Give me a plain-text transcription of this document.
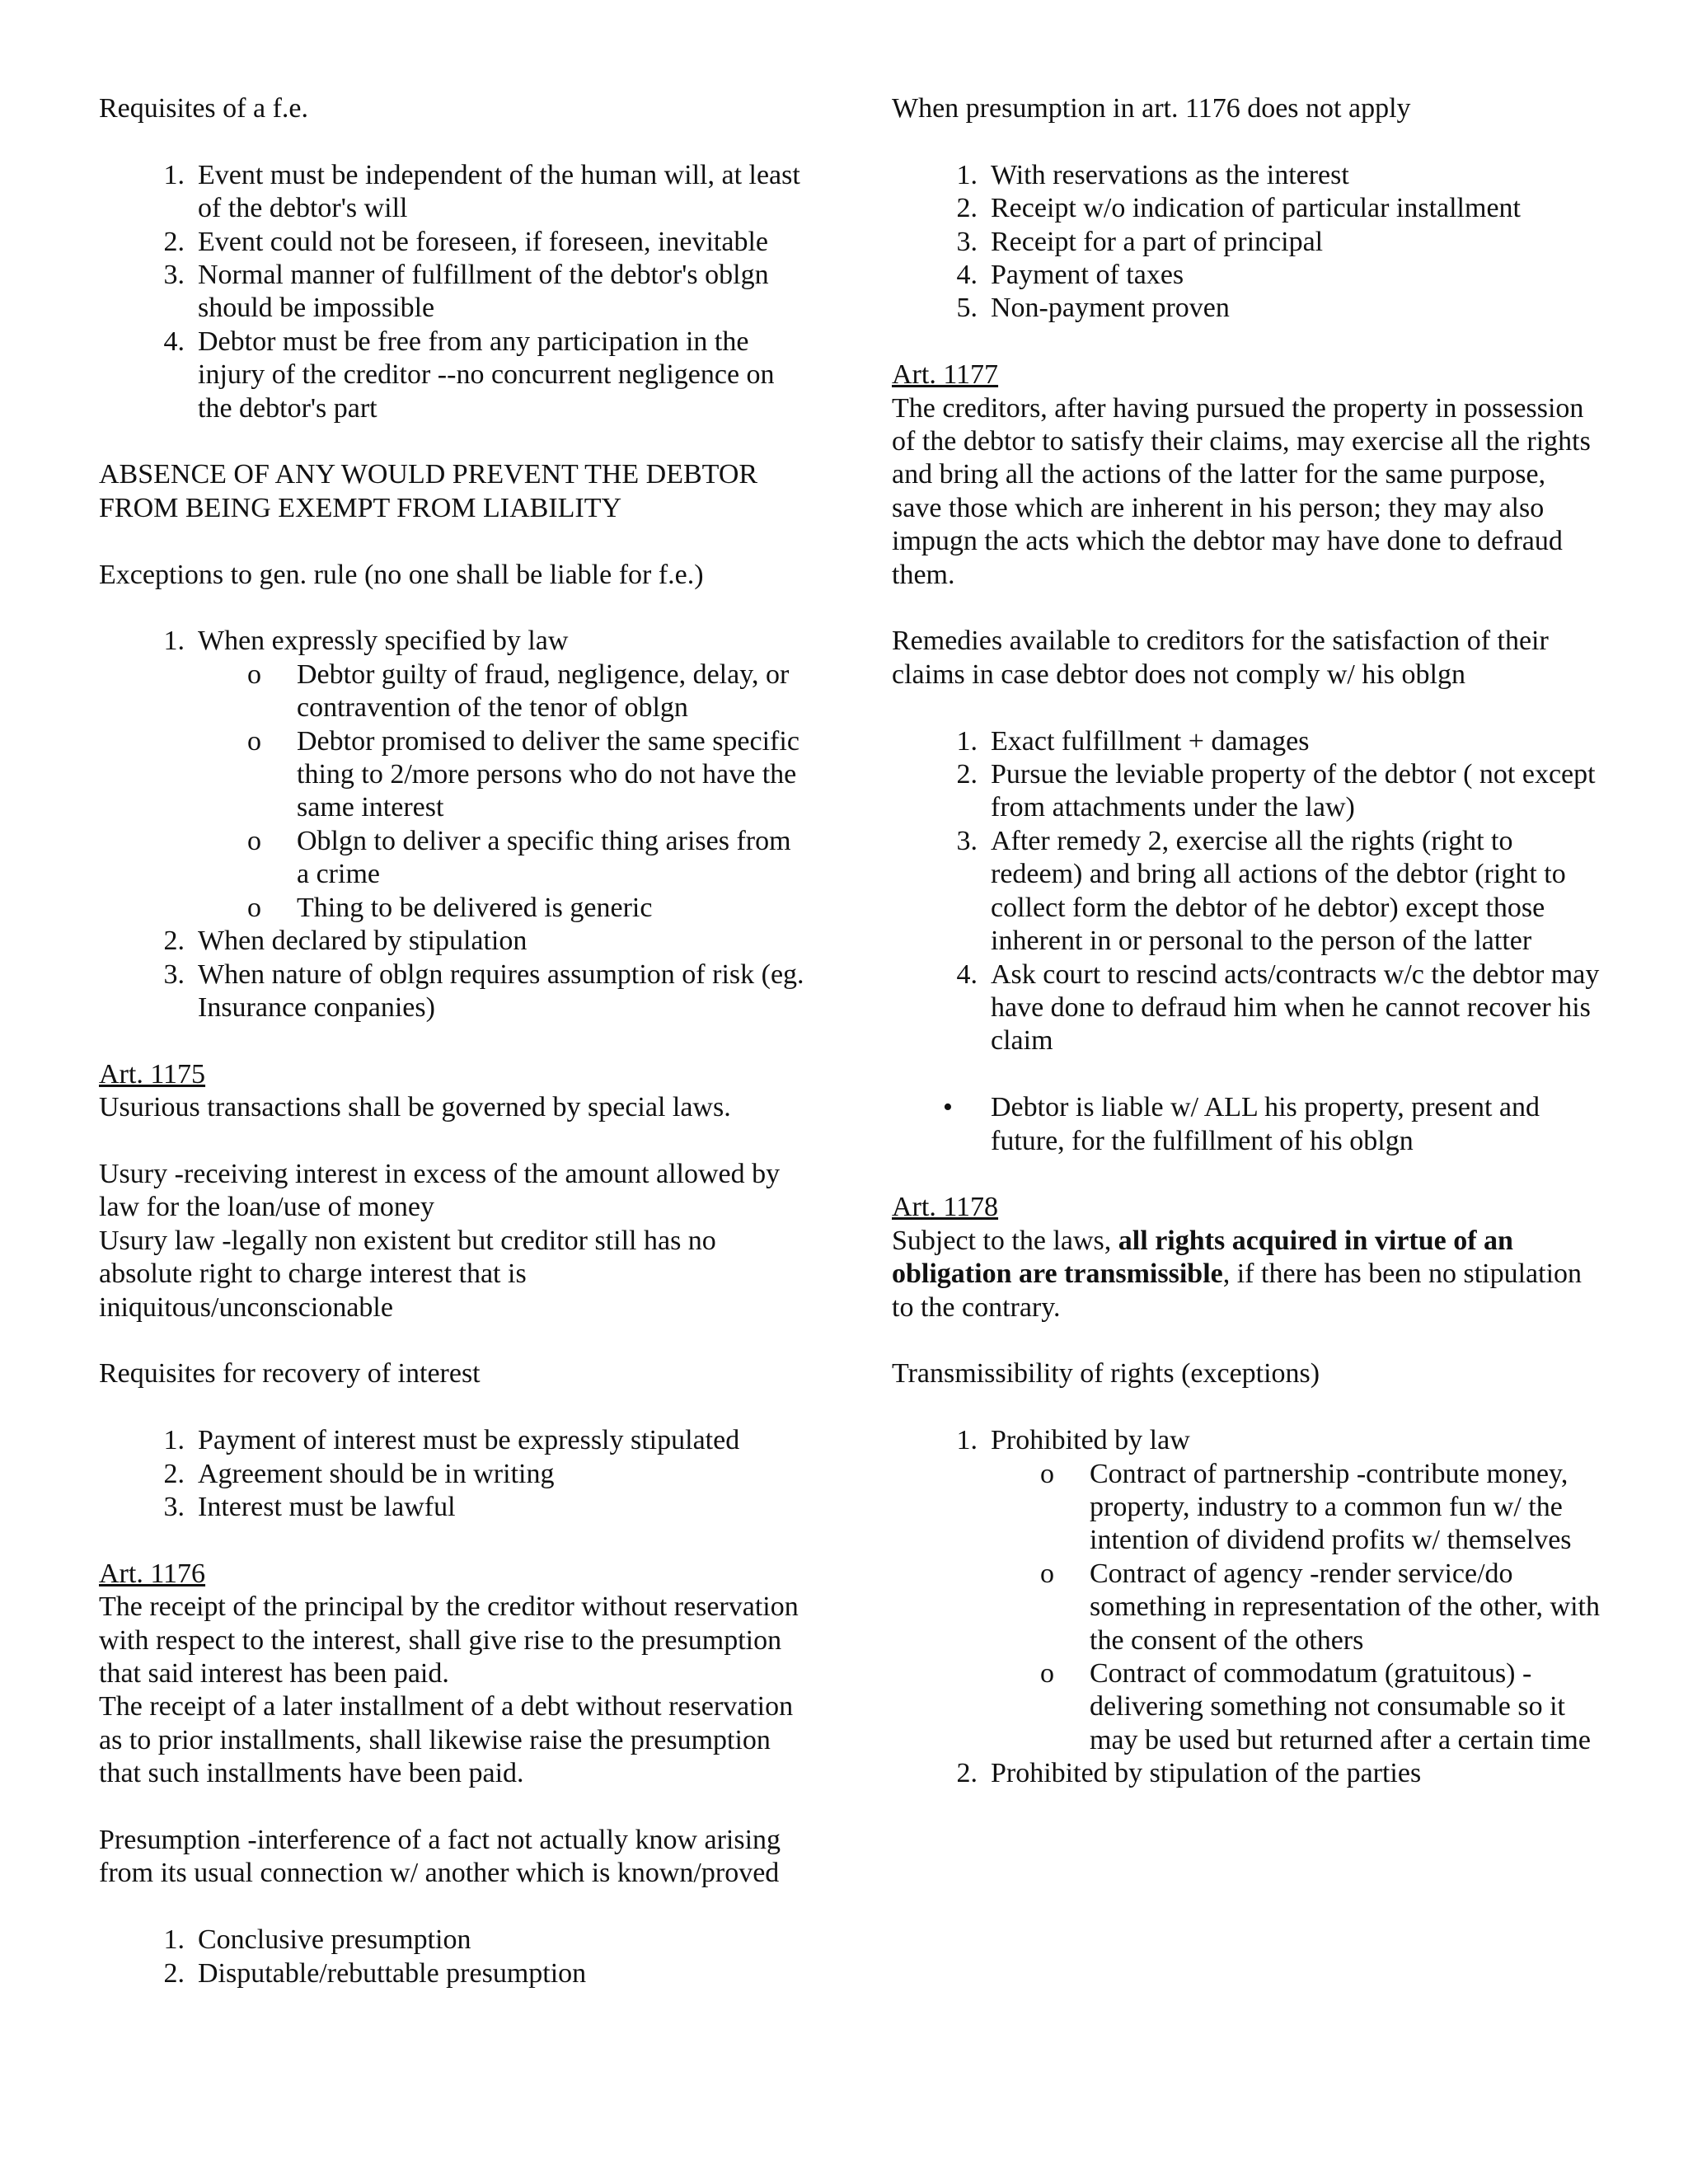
Requisites of a f.e.

1. Event must be independent of the human will, at least of the debtor's will
2. Event could not be foreseen, if foreseen, inevitable
3. Normal manner of fulfillment of the debtor's oblgn should be impossible
4. Debtor must be free from any participation in the injury of the creditor --no concurrent negligence on the debtor's part

ABSENCE OF ANY WOULD PREVENT THE DEBTOR

FROM BEING EXEMPT FROM LIABILITY

Exceptions to gen. rule (no one shall be liable for f.e.)

1. When expressly specified by law
o Debtor guilty of fraud, negligence, delay, or contravention of the tenor of oblgn
o Debtor promised to deliver the same specific thing to 2/more persons who do not have the same interest
o Oblgn to deliver a specific thing arises from a crime
o Thing to be delivered is generic
2. When declared by stipulation
3. When nature of oblgn requires assumption of risk (eg. Insurance conpanies)

Art. 1175

Usurious transactions shall be governed by special laws.

Usury -receiving interest in excess of the amount allowed by law for the loan/use of money

Usury law -legally non existent but creditor still has no absolute right to charge interest that is iniquitous/unconscionable

Requisites for recovery of interest

1. Payment of interest must be expressly stipulated
2. Agreement should be in writing
3. Interest must be lawful

Art. 1176

The receipt of the principal by the creditor without reservation with respect to the interest, shall give rise to the presumption that said interest has been paid.

The receipt of a later installment of a debt without reservation as to prior installments, shall likewise raise the presumption that such installments have been paid.

Presumption -interference of a fact not actually know arising from its usual connection w/ another which is known/proved

1. Conclusive presumption
2. Disputable/rebuttable presumption

When presumption in art. 1176 does not apply

1. With reservations as the interest
2. Receipt w/o indication of particular installment
3. Receipt for a part of principal
4. Payment of taxes
5. Non-payment proven

Art. 1177

The creditors, after having pursued the property in possession of the debtor to satisfy their claims, may exercise all the rights and bring all the actions of the latter for the same purpose, save those which are inherent in his person; they may also impugn the acts which the debtor may have done to defraud them.

Remedies available to creditors for the satisfaction of their claims in case debtor does not comply w/ his oblgn

1. Exact fulfillment + damages
2. Pursue the leviable property of the debtor ( not except from attachments under the law)
3. After remedy 2, exercise all the rights (right to redeem) and bring all actions of the debtor (right to collect form the debtor of he debtor) except those inherent in or personal to the person of the latter
4. Ask court to rescind acts/contracts w/c the debtor may have done to defraud him when he cannot recover his claim
• Debtor is liable w/ ALL his property, present and future, for the fulfillment of his oblgn

Art. 1178

Subject to the laws, all rights acquired in virtue of an obligation are transmissible, if there has been no stipulation to the contrary.

Transmissibility of rights (exceptions)

1. Prohibited by law
o Contract of partnership -contribute money, property, industry to a common fun w/ the intention of dividend profits w/ themselves
o Contract of agency -render service/do something in representation of the other, with the consent of the others
o Contract of commodatum (gratuitous) -delivering something not consumable so it may be used but returned after a certain time
2. Prohibited by stipulation of the parties
